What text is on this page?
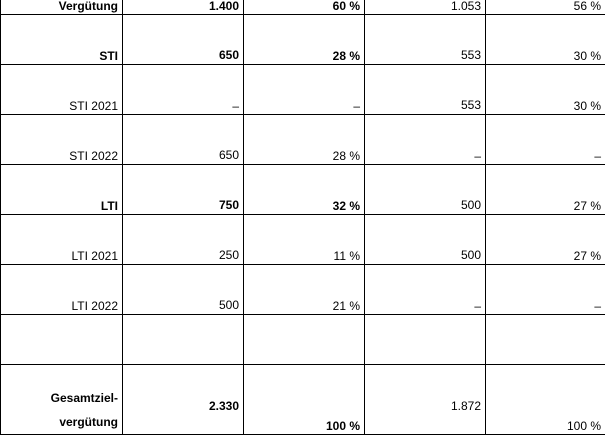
Vergütung	1.400	60 %	1.053	56 %
STI	650	28 %	553	30 %
STI 2021	–	–	553	30 %
STI 2022	650	28 %	–	–
LTI	750	32 %	500	27 %
LTI 2021	250	11 %	500	27 %
LTI 2022	500	21 %	–	–

Gesamtziel-
vergütung	2.330	100 %	1.872	100 %
